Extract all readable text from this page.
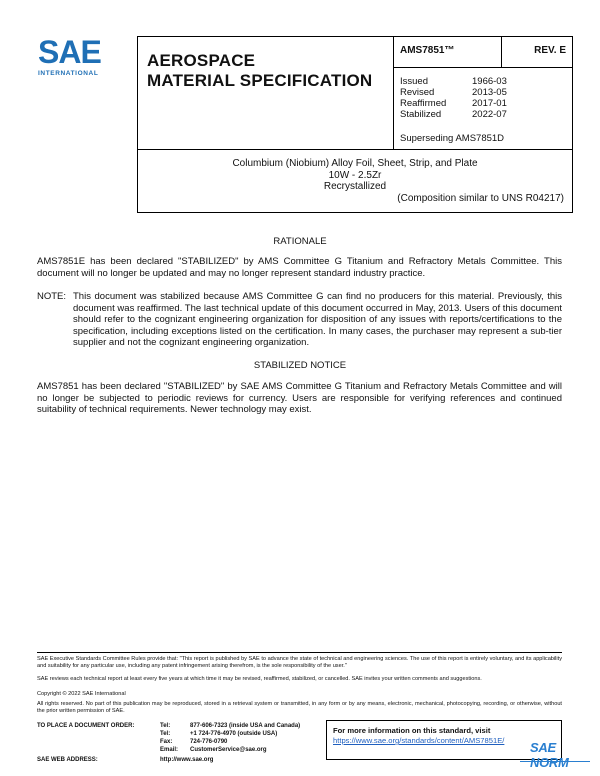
SAE
INTERNATIONAL
AEROSPACE
MATERIAL SPECIFICATION
AMS7851™	REV. E
Issued	1966-03
Revised	2013-05
Reaffirmed	2017-01
Stabilized	2022-07
Superseding AMS7851D
Columbium (Niobium) Alloy Foil, Sheet, Strip, and Plate
10W - 2.5Zr
Recrystallized
(Composition similar to UNS R04217)
RATIONALE
AMS7851E has been declared "STABILIZED" by AMS Committee G Titanium and Refractory Metals Committee. This document will no longer be updated and may no longer represent standard industry practice.
NOTE: This document was stabilized because AMS Committee G can find no producers for this material. Previously, this document was reaffirmed. The last technical update of this document occurred in May, 2013. Users of this document should refer to the cognizant engineering organization for disposition of any issues with reports/certifications to the specification, including exceptions listed on the certification. In many cases, the purchaser may represent a sub-tier supplier and not the cognizant engineering organization.
STABILIZED NOTICE
AMS7851 has been declared "STABILIZED" by SAE AMS Committee G Titanium and Refractory Metals Committee and will no longer be subjected to periodic reviews for currency. Users are responsible for verifying references and continued suitability of technical requirements. Newer technology may exist.
SAE Executive Standards Committee Rules provide that: "This report is published by SAE to advance the state of technical and engineering sciences. The use of this report is entirely voluntary, and its applicability and suitability for any particular use, including any patent infringement arising therefrom, is the sole responsibility of the user."
SAE reviews each technical report at least every five years at which time it may be revised, reaffirmed, stabilized, or cancelled. SAE invites your written comments and suggestions.
Copyright © 2022 SAE International
All rights reserved. No part of this publication may be reproduced, stored in a retrieval system or transmitted, in any form or by any means, electronic, mechanical, photocopying, recording, or otherwise, without the prior written permission of SAE.
TO PLACE A DOCUMENT ORDER:	Tel:	877-606-7323 (inside USA and Canada)
Tel:	+1 724-776-4970 (outside USA)
Fax:	724-776-0790
Email:	CustomerService@sae.org
SAE WEB ADDRESS:	http://www.sae.org
For more information on this standard, visit
https://www.sae.org/standards/content/AMS7851E/	SAE NORM
